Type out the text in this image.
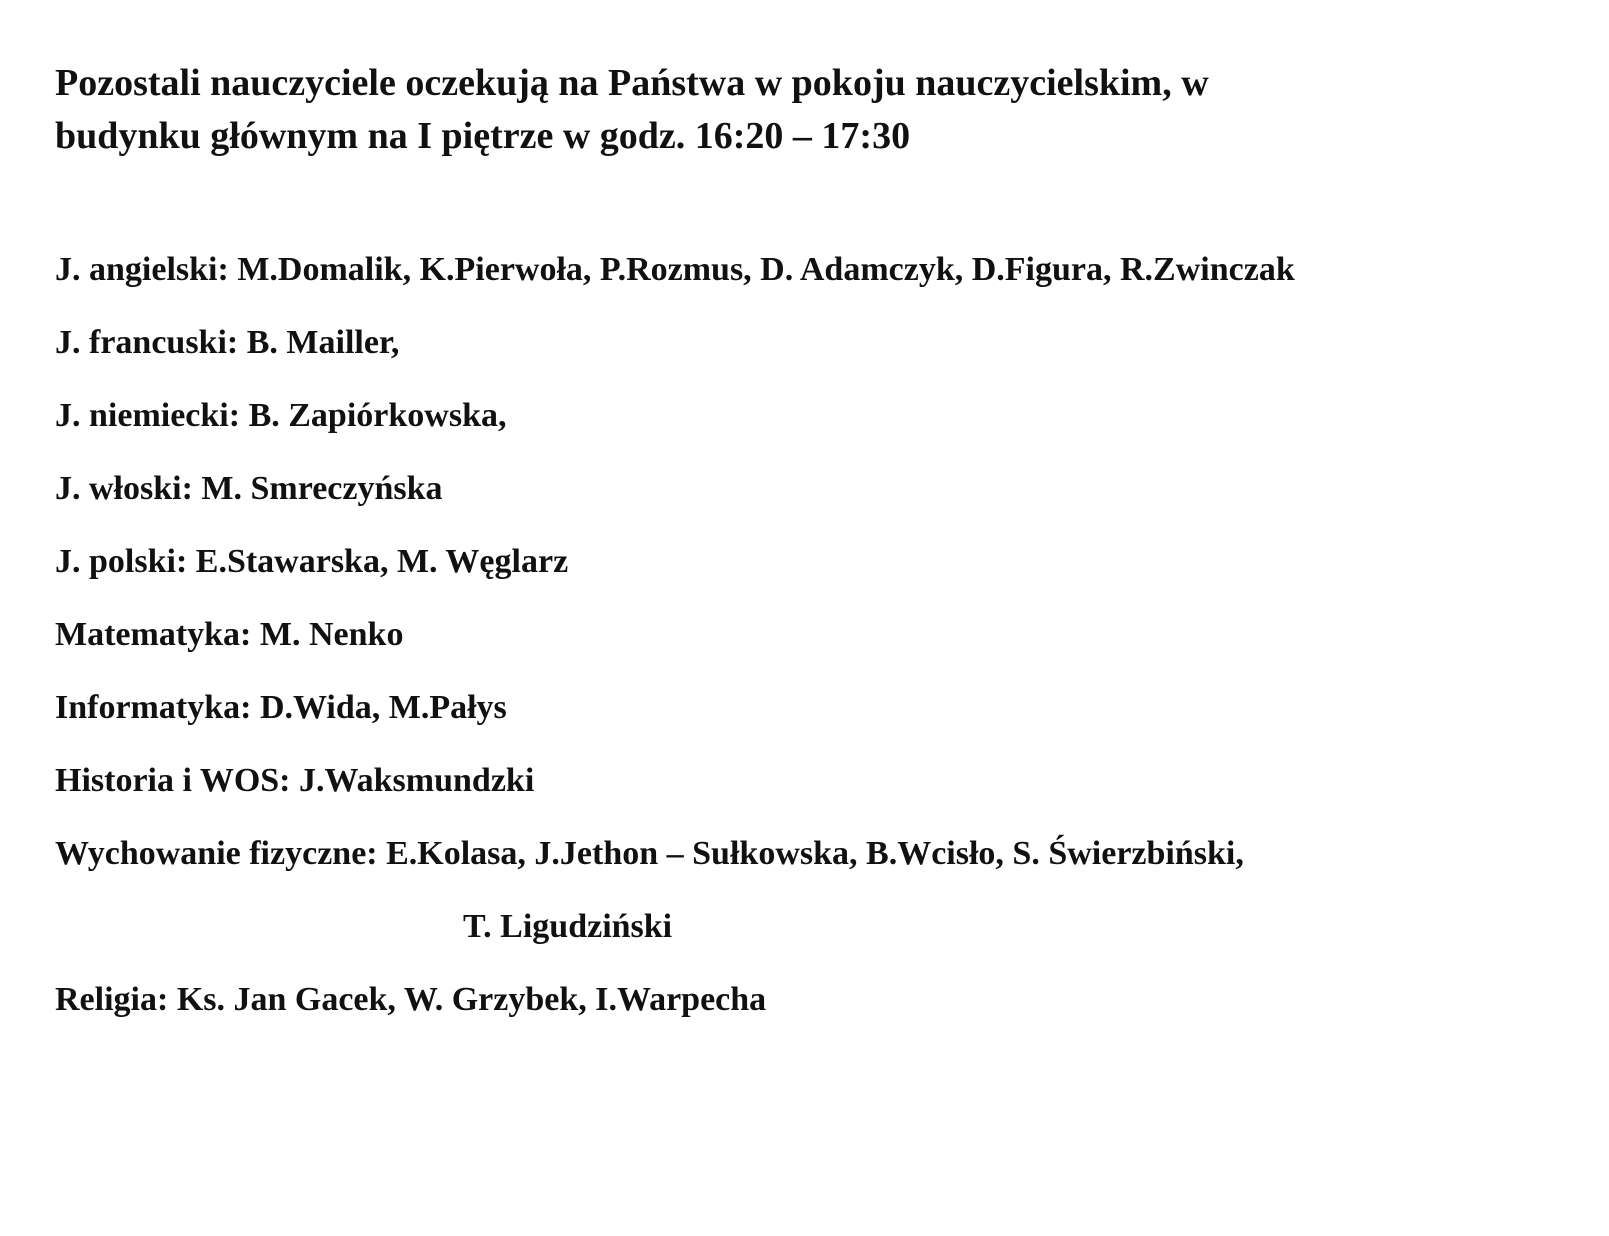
Pozostali nauczyciele oczekują na Państwa w pokoju nauczycielskim, w
budynku głównym na I piętrze w godz. 16:20 – 17:30
J. angielski: M.Domalik, K.Pierwoła, P.Rozmus, D. Adamczyk, D.Figura, R.Zwinczak
J. francuski: B. Mailler,
J. niemiecki: B. Zapiórkowska,
J. włoski: M. Smreczyńska
J. polski: E.Stawarska, M. Węglarz
Matematyka: M. Nenko
Informatyka: D.Wida, M.Pałys
Historia i WOS: J.Waksmundzki
Wychowanie fizyczne: E.Kolasa, J.Jethon – Sułkowska, B.Wcisło, S. Świerzbiński,
T. Ligudziński
Religia: Ks. Jan Gacek, W. Grzybek, I.Warpecha
